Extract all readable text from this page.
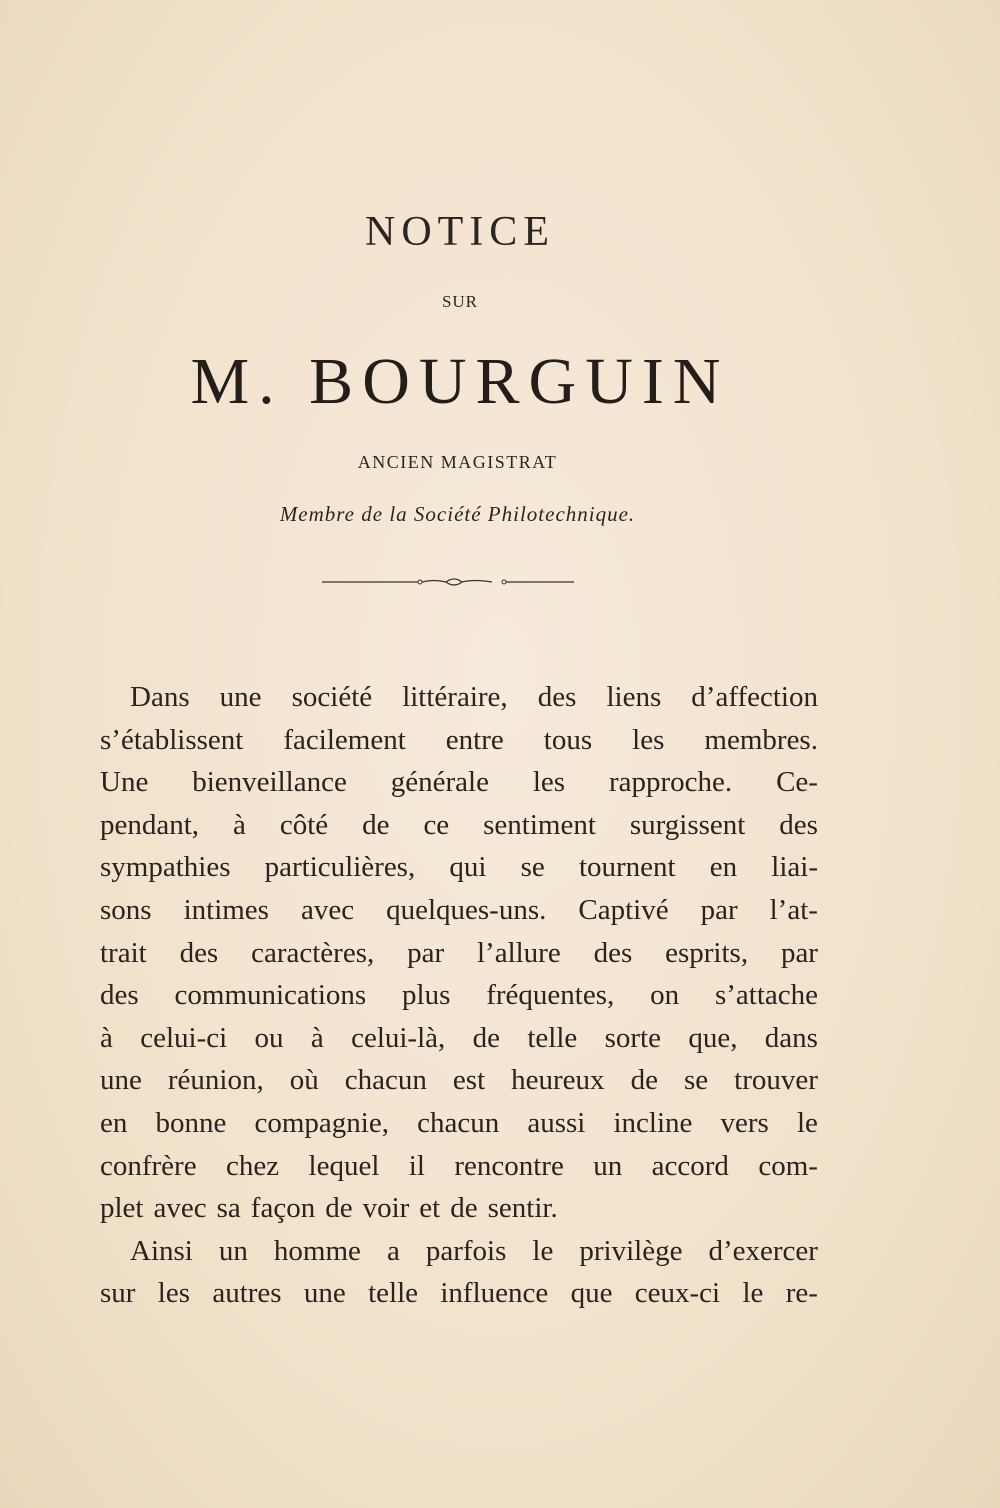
NOTICE
SUR
M. BOURGUIN
ANCIEN MAGISTRAT
Membre de la Société Philotechnique.
Dans une société littéraire, des liens d’affection
s’établissent facilement entre tous les membres.
Une bienveillance générale les rapproche. Ce-
pendant, à côté de ce sentiment surgissent des
sympathies particulières, qui se tournent en liai-
sons intimes avec quelques-uns. Captivé par l’at-
trait des caractères, par l’allure des esprits, par
des communications plus fréquentes, on s’attache
à celui-ci ou à celui-là, de telle sorte que, dans
une réunion, où chacun est heureux de se trouver
en bonne compagnie, chacun aussi incline vers le
confrère chez lequel il rencontre un accord com-
plet avec sa façon de voir et de sentir.
Ainsi un homme a parfois le privilège d’exercer
sur les autres une telle influence que ceux-ci le re-
